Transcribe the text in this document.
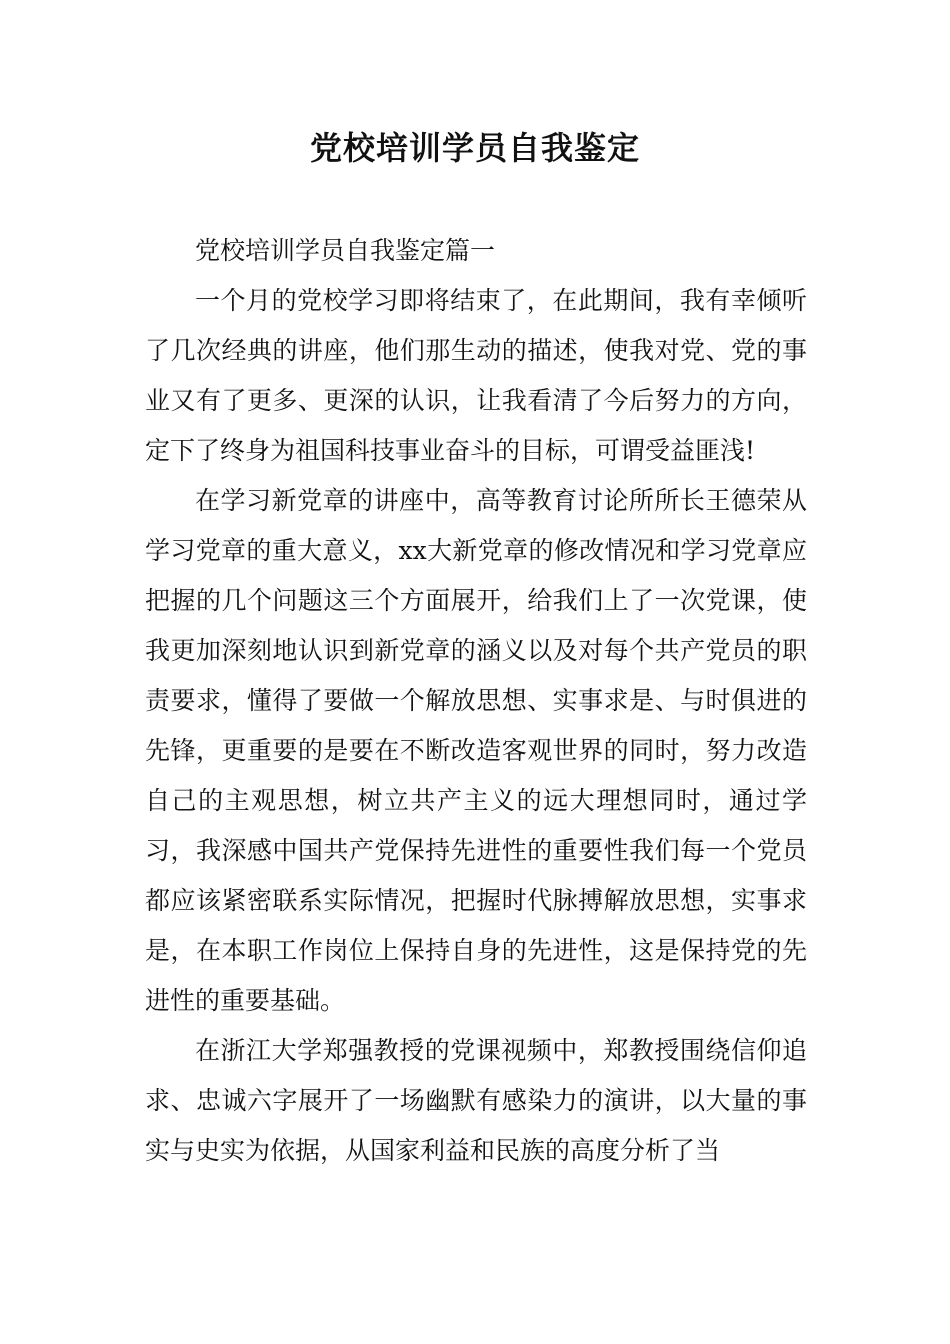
党校培训学员自我鉴定

党校培训学员自我鉴定篇一

一个月的党校学习即将结束了，在此期间，我有幸倾听了几次经典的讲座，他们那生动的描述，使我对党、党的事业又有了更多、更深的认识，让我看清了今后努力的方向，定下了终身为祖国科技事业奋斗的目标，可谓受益匪浅!

在学习新党章的讲座中，高等教育讨论所所长王德荣从学习党章的重大意义，xx大新党章的修改情况和学习党章应把握的几个问题这三个方面展开，给我们上了一次党课，使我更加深刻地认识到新党章的涵义以及对每个共产党员的职责要求，懂得了要做一个解放思想、实事求是、与时俱进的先锋，更重要的是要在不断改造客观世界的同时，努力改造自己的主观思想，树立共产主义的远大理想同时，通过学习，我深感中国共产党保持先进性的重要性我们每一个党员都应该紧密联系实际情况，把握时代脉搏解放思想，实事求是，在本职工作岗位上保持自身的先进性，这是保持党的先进性的重要基础。

在浙江大学郑强教授的党课视频中，郑教授围绕信仰追求、忠诚六字展开了一场幽默有感染力的演讲，以大量的事实与史实为依据，从国家利益和民族的高度分析了当
